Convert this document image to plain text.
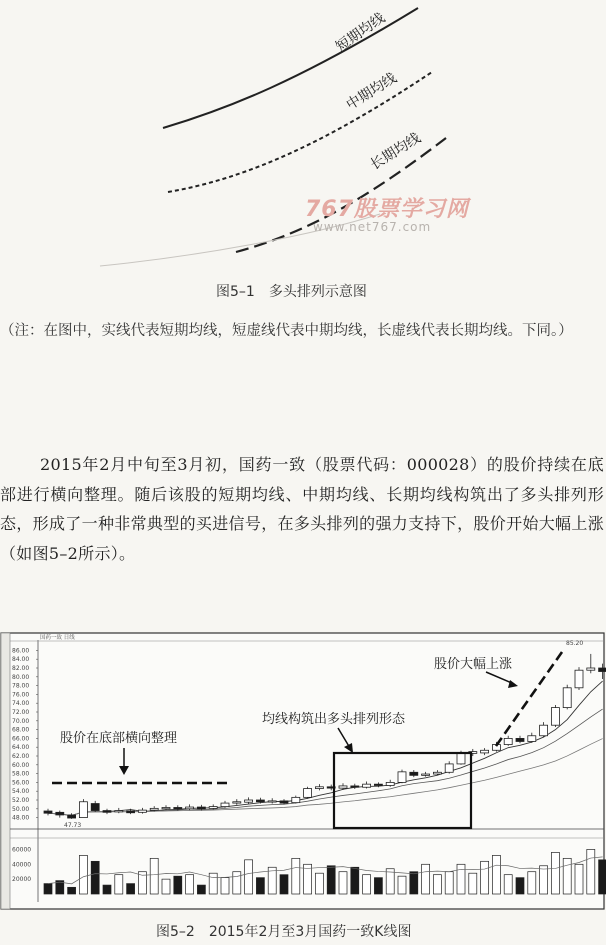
短期均线
中期均线
长期均线
767股票学习网
www.net767.com
图5–1　多头排列示意图
（注：在图中，实线代表短期均线，短虚线代表中期均线，长虚线代表长期均线。下同。）
2015年2月中旬至3月初，国药一致（股票代码：000028）的股价持续在底部进行横向整理。随后该股的短期均线、中期均线、长期均线构筑出了多头排列形态，形成了一种非常典型的买进信号，在多头排列的强力支持下，股价开始大幅上涨（如图5–2所示）。
86.00
84.00
82.00
80.00
78.00
76.00
74.00
72.00
70.00
68.00
66.00
64.00
62.00
60.00
58.00
56.00
54.00
52.00
50.00
48.00
60000
40000
20000
股价在底部横向整理
均线构筑出多头排列形态
股价大幅上涨
85.20
47.73
国药一致 日线
图5–2　2015年2月至3月国药一致K线图
